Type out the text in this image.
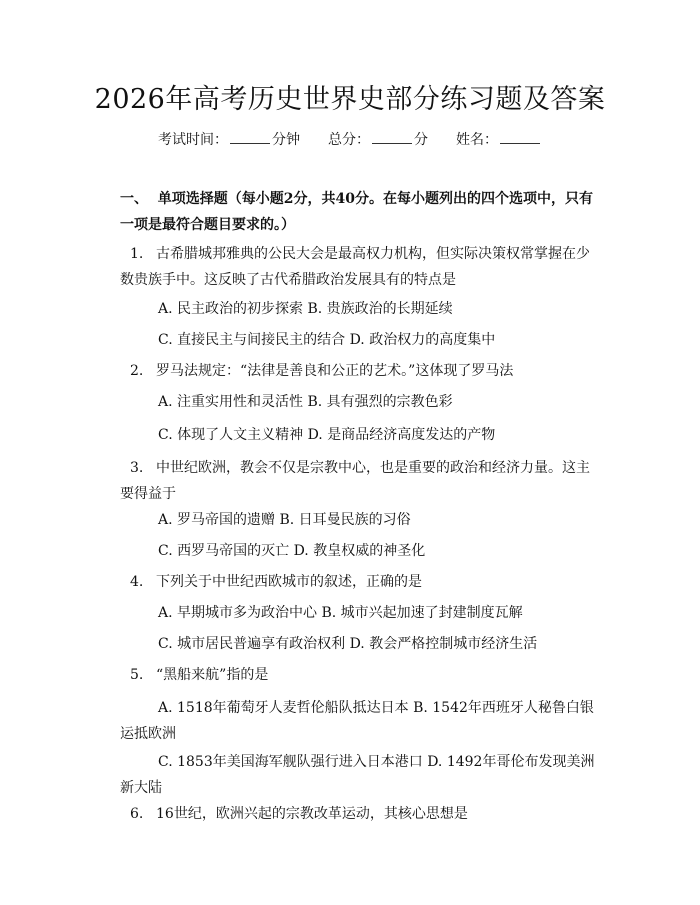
2026年高考历史世界史部分练习题及答案
考试时间：	分钟 总分：	分 姓名：
一、 单项选择题（每小题2分，共40分。在每小题列出的四个选项中，只有一项是最符合题目要求的。）
1. 古希腊城邦雅典的公民大会是最高权力机构，但实际决策权常掌握在少数贵族手中。这反映了古代希腊政治发展具有的特点是
A. 民主政治的初步探索 B. 贵族政治的长期延续
C. 直接民主与间接民主的结合 D. 政治权力的高度集中
2. 罗马法规定：“法律是善良和公正的艺术。”这体现了罗马法
A. 注重实用性和灵活性 B. 具有强烈的宗教色彩
C. 体现了人文主义精神 D. 是商品经济高度发达的产物
3. 中世纪欧洲，教会不仅是宗教中心，也是重要的政治和经济力量。这主要得益于
A. 罗马帝国的遗赠 B. 日耳曼民族的习俗
C. 西罗马帝国的灭亡 D. 教皇权威的神圣化
4. 下列关于中世纪西欧城市的叙述，正确的是
A. 早期城市多为政治中心 B. 城市兴起加速了封建制度瓦解
C. 城市居民普遍享有政治权利 D. 教会严格控制城市经济生活
5. “黑船来航”指的是
A. 1518年葡萄牙人麦哲伦船队抵达日本 B. 1542年西班牙人秘鲁白银运抵欧洲
C. 1853年美国海军舰队强行进入日本港口 D. 1492年哥伦布发现美洲新大陆
6. 16世纪，欧洲兴起的宗教改革运动，其核心思想是
